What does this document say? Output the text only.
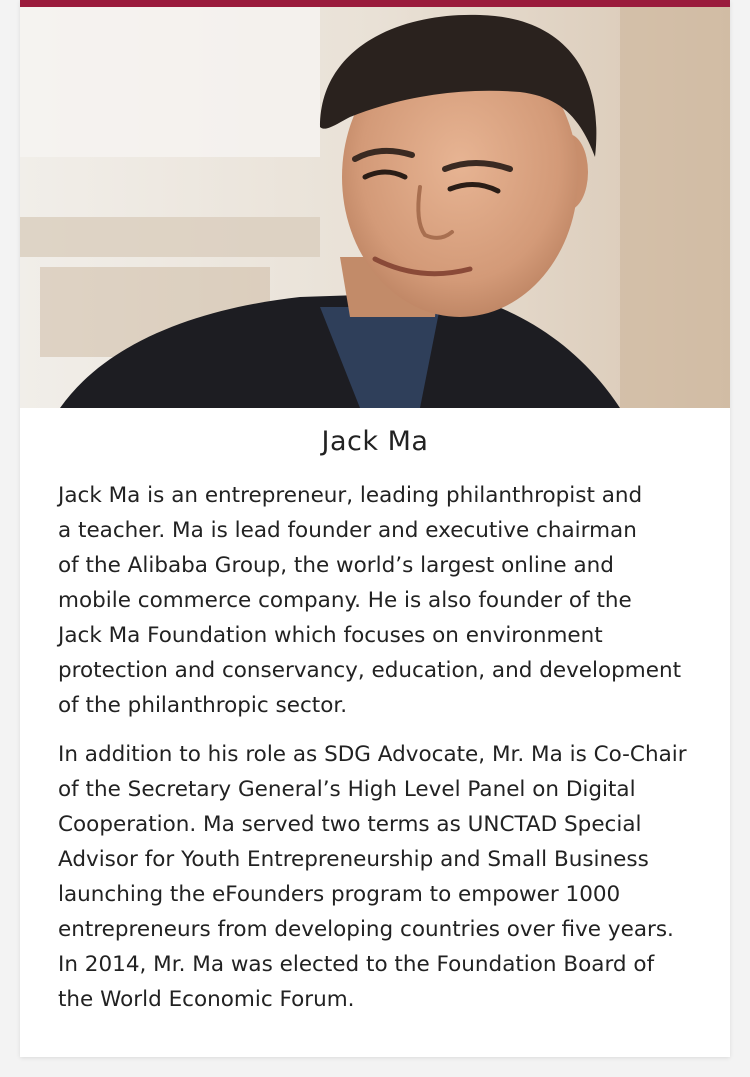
Jack Ma

Jack Ma is an entrepreneur, leading philanthropist and
a teacher. Ma is lead founder and executive chairman
of the Alibaba Group, the world’s largest online and
mobile commerce company. He is also founder of the
Jack Ma Foundation which focuses on environment
protection and conservancy, education, and development
of the philanthropic sector.

In addition to his role as SDG Advocate, Mr. Ma is Co-Chair
of the Secretary General’s High Level Panel on Digital
Cooperation. Ma served two terms as UNCTAD Special
Advisor for Youth Entrepreneurship and Small Business
launching the eFounders program to empower 1000
entrepreneurs from developing countries over five years.
In 2014, Mr. Ma was elected to the Foundation Board of
the World Economic Forum.
